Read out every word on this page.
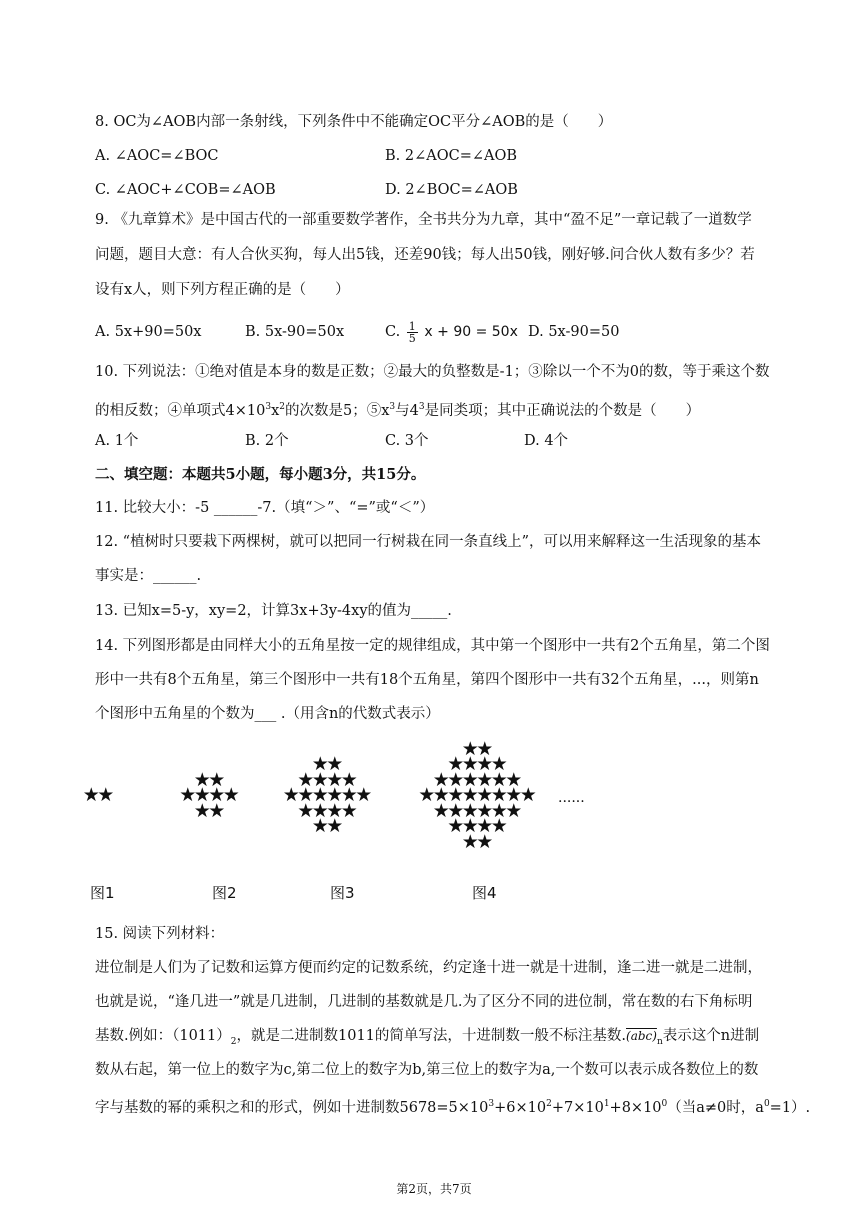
8. OC为∠AOB内部一条射线，下列条件中不能确定OC平分∠AOB的是（　　）
A. ∠AOC=∠BOC	B. 2∠AOC=∠AOB
C. ∠AOC+∠COB=∠AOB	D. 2∠BOC=∠AOB
9. 《九章算术》是中国古代的一部重要数学著作，全书共分为九章，其中“盈不足”一章记载了一道数学
问题，题目大意：有人合伙买狗，每人出5钱，还差90钱；每人出50钱，刚好够.问合伙人数有多少？若
设有x人，则下列方程正确的是（　　）
A. 5x+90=50x	B. 5x-90=50x	C. $\frac{1}{5}$ x + 90 = 50x D. 5x-90=50
10. 下列说法：①绝对值是本身的数是正数；②最大的负整数是-1；③除以一个不为0的数，等于乘这个数
的相反数；④单项式$4\times 10^3x^2$的次数是5；$⑤x^3$与$4^3$是同类项；其中正确说法的个数是（　　）
A. 1个	B. 2个	C. 3个	D. 4个
二、填空题：本题共5小题，每小题3分，共15分。
11. 比较大小：-5 ______-7.（填“＞”、“=”或“＜”）
12. “植树时只要栽下两棵树，就可以把同一行树栽在同一条直线上”，可以用来解释这一生活现象的基本
事实是：______.
13. 已知x=5-y，xy=2，计算3x+3y-4xy的值为_____.
14. 下列图形都是由同样大小的五角星按一定的规律组成，其中第一个图形中一共有2个五角星，第二个图
形中一共有8个五角星，第三个图形中一共有18个五角星，第四个图形中一共有32个五角星，...，则第n
个图形中五角星的个数为___ .（用含n的代数式表示）
★ ★
★ ★
★ ★ ★ ★
★ ★
★ ★
★ ★ ★ ★
★ ★ ★ ★ ★ ★
★ ★ ★ ★
★ ★
★ ★
★ ★ ★ ★
★ ★ ★ ★ ★ ★
★ ★ ★ ★ ★ ★ ★ ★
★ ★ ★ ★ ★ ★
★ ★ ★ ★
★ ★
......
图1	图2	图3	图4
15. 阅读下列材料：
进位制是人们为了记数和运算方便而约定的记数系统，约定逢十进一就是十进制，逢二进一就是二进制，
也就是说，“逢几进一”就是几进制，几进制的基数就是几.为了区分不同的进位制，常在数的右下角标明
基数.例如：$(1011)_2$，就是二进制数1011的简单写法，十进制数一般不标注基数$.(abc)_n$表示这个n进制
数从右起，第一位上的数字为c,第二位上的数字为b,第三位上的数字为a,一个数可以表示成各数位上的数
字与基数的幂的乘积之和的形式，例如十进制数$5678=5\times 10^3+6\times 10^2+7\times 10^1+8\times 10^0$（当a≠0时，$a^0=1$）.
第2页，共7页
